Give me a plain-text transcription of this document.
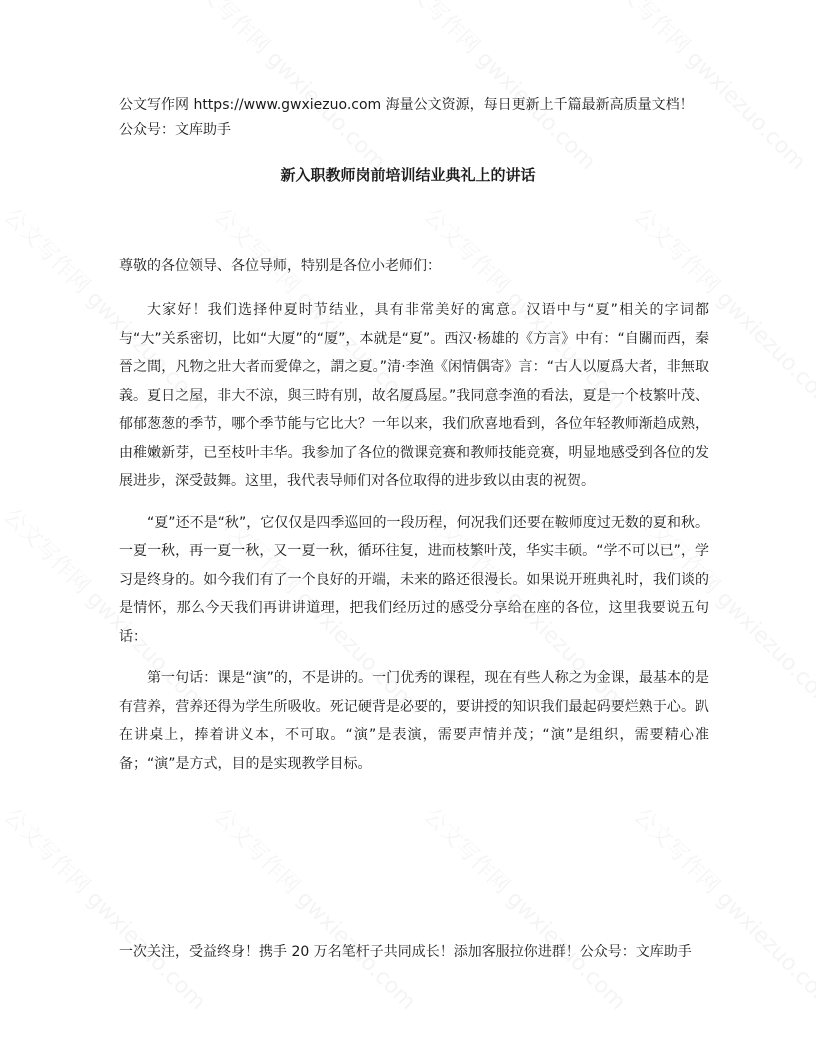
公文写作网 https://www.gwxiezuo.com 海量公文资源，每日更新上千篇最新高质量文档！ 公众号：文库助手
新入职教师岗前培训结业典礼上的讲话
尊敬的各位领导、各位导师，特别是各位小老师们：

大家好！我们选择仲夏时节结业，具有非常美好的寓意。汉语中与“夏”相关的字词都与“大”关系密切，比如“大厦”的“厦”，本就是“夏”。西汉·杨雄的《方言》中有：“自關而西，秦晉之間，凡物之壯大者而愛偉之，謂之夏。”清·李渔《闲情偶寄》言：“古人以厦爲大者，非無取義。夏日之屋，非大不涼，與三時有別，故名厦爲屋。”我同意李渔的看法，夏是一个枝繁叶茂、郁郁葱葱的季节，哪个季节能与它比大？一年以来，我们欣喜地看到，各位年轻教师渐趋成熟，由稚嫩新芽，已至枝叶丰华。我参加了各位的微课竞赛和教师技能竞赛，明显地感受到各位的发展进步，深受鼓舞。这里，我代表导师们对各位取得的进步致以由衷的祝贺。

“夏”还不是“秋”，它仅仅是四季巡回的一段历程，何况我们还要在鞍师度过无数的夏和秋。一夏一秋，再一夏一秋，又一夏一秋，循环往复，进而枝繁叶茂，华实丰硕。“学不可以已”，学习是终身的。如今我们有了一个良好的开端，未来的路还很漫长。如果说开班典礼时，我们谈的是情怀，那么今天我们再讲讲道理，把我们经历过的感受分享给在座的各位，这里我要说五句话：

第一句话：课是“演”的，不是讲的。一门优秀的课程，现在有些人称之为金课，最基本的是有营养，营养还得为学生所吸收。死记硬背是必要的，要讲授的知识我们最起码要烂熟于心。趴在讲桌上，捧着讲义本，不可取。“演”是表演，需要声情并茂；“演”是组织，需要精心准备；“演”是方式，目的是实现教学目标。

一次关注，受益终身！携手 20 万名笔杆子共同成长！添加客服拉你进群！公众号：文库助手
